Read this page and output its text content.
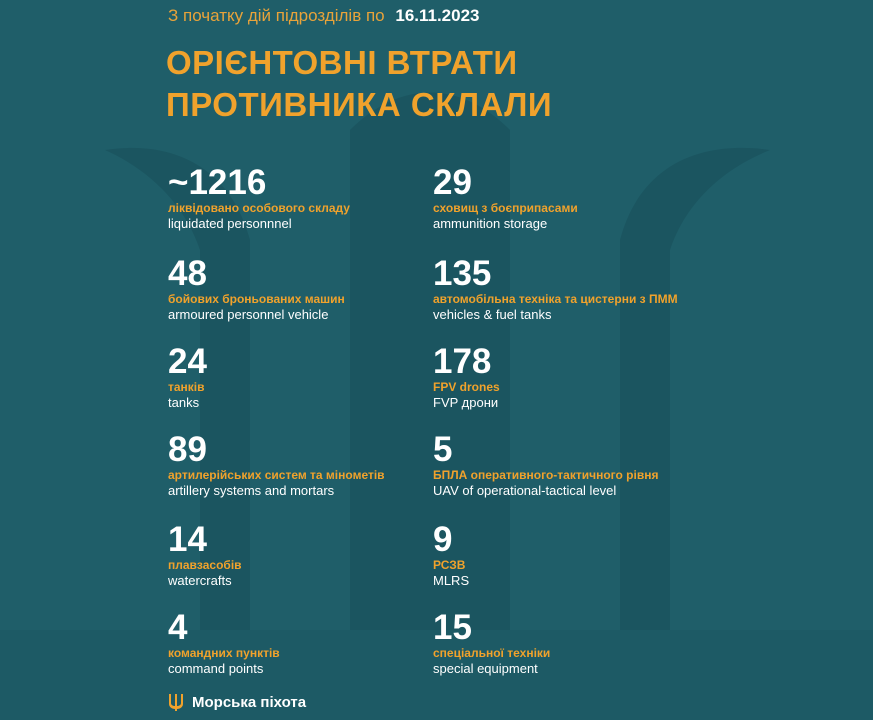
З початку дій підрозділів по 16.11.2023
ОРІЄНТОВНІ ВТРАТИ
ПРОТИВНИКА СКЛАЛИ
~1216
ліквідовано особового складу
liquidated personnnel
48
бойових броньованих машин
armoured personnel vehicle
24
танків
tanks
89
артилерійських систем та мінометів
artillery systems and mortars
14
плавзасобів
watercrafts
4
командних пунктів
command points
29
сховищ з боєприпасами
ammunition storage
135
автомобільна техніка та цистерни з ПММ
vehicles & fuel tanks
178
FPV drones
FVP дрони
5
БПЛА оперативного-тактичного рівня
UAV of operational-tactical level
9
РСЗВ
MLRS
15
спеціальної техніки
special equipment
Морська піхота
